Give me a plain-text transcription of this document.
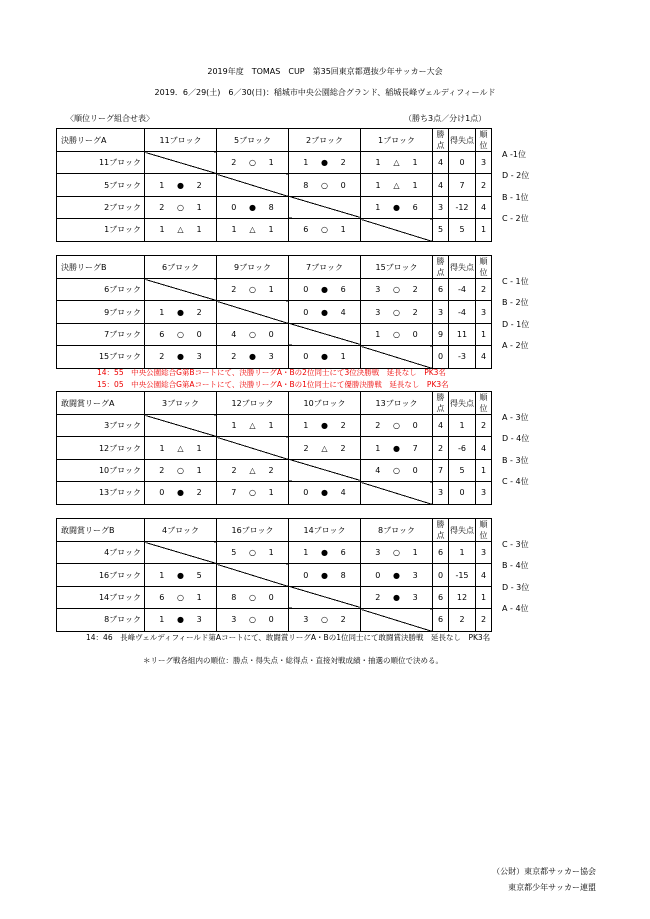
2019年度　TOMAS　CUP　第35回東京都選抜少年サッカー大会
2019．6／29(土)　6／30(日)：稲城市中央公園総合グランド、稲城長峰ヴェルディフィールド
〈順位リーグ組合せ表〉	（勝ち3点／分け1点）
A -1位
D - 2位
B - 1位
C - 2位
決勝リーグA	11ブロック	5ブロック	2ブロック	1ブロック	勝点	得失点	順位
11ブロック		2 ○ 1	1 ● 2	1 △ 1	4	0	3
5ブロック	1 ● 2		8 ○ 0	1 △ 1	4	7	2
2ブロック	2 ○ 1	0 ● 8		1 ● 6	3	-12	4
1ブロック	1 △ 1	1 △ 1	6 ○ 1		5	5	1
C - 1位
B - 2位
D - 1位
A - 2位
決勝リーグB	6ブロック	9ブロック	7ブロック	15ブロック	勝点	得失点	順位
6ブロック		2 ○ 1	0 ● 6	3 ○ 2	6	-4	2
9ブロック	1 ● 2		0 ● 4	3 ○ 2	3	-4	3
7ブロック	6 ○ 0	4 ○ 0		1 ○ 0	9	11	1
15ブロック	2 ● 3	2 ● 3	0 ● 1		0	-3	4
A - 3位
D - 4位
B - 3位
C - 4位
敢闘賞リーグA	3ブロック	12ブロック	10ブロック	13ブロック	勝点	得失点	順位
3ブロック		1 △ 1	1 ● 2	2 ○ 0	4	1	2
12ブロック	1 △ 1		2 △ 2	1 ● 7	2	-6	4
10ブロック	2 ○ 1	2 △ 2		4 ○ 0	7	5	1
13ブロック	0 ● 2	7 ○ 1	0 ● 4		3	0	3
C - 3位
B - 4位
D - 3位
A - 4位
敢闘賞リーグB	4ブロック	16ブロック	14ブロック	8ブロック	勝点	得失点	順位
4ブロック		5 ○ 1	1 ● 6	3 ○ 1	6	1	3
16ブロック	1 ● 5		0 ● 8	0 ● 3	0	-15	4
14ブロック	6 ○ 1	8 ○ 0		2 ● 3	6	12	1
8ブロック	1 ● 3	3 ○ 0	3 ○ 2		6	2	2
14：55　中央公園総合G第Bコートにて、決勝リーグA・Bの2位同士にて3位決勝戦　延長なし　PK3名
15：05　中央公園総合G第Aコートにて、決勝リーグA・Bの1位同士にて優勝決勝戦　延長なし　PK3名
14：46　長峰ヴェルディフィールド第Aコートにて、敢闘賞リーグA・Bの1位同士にて敢闘賞決勝戦　延長なし　PK3名
＊リーグ戦各組内の順位：勝点・得失点・総得点・直接対戦成績・抽選の順位で決める。
（公財）東京都サッカー協会
東京都少年サッカー連盟
